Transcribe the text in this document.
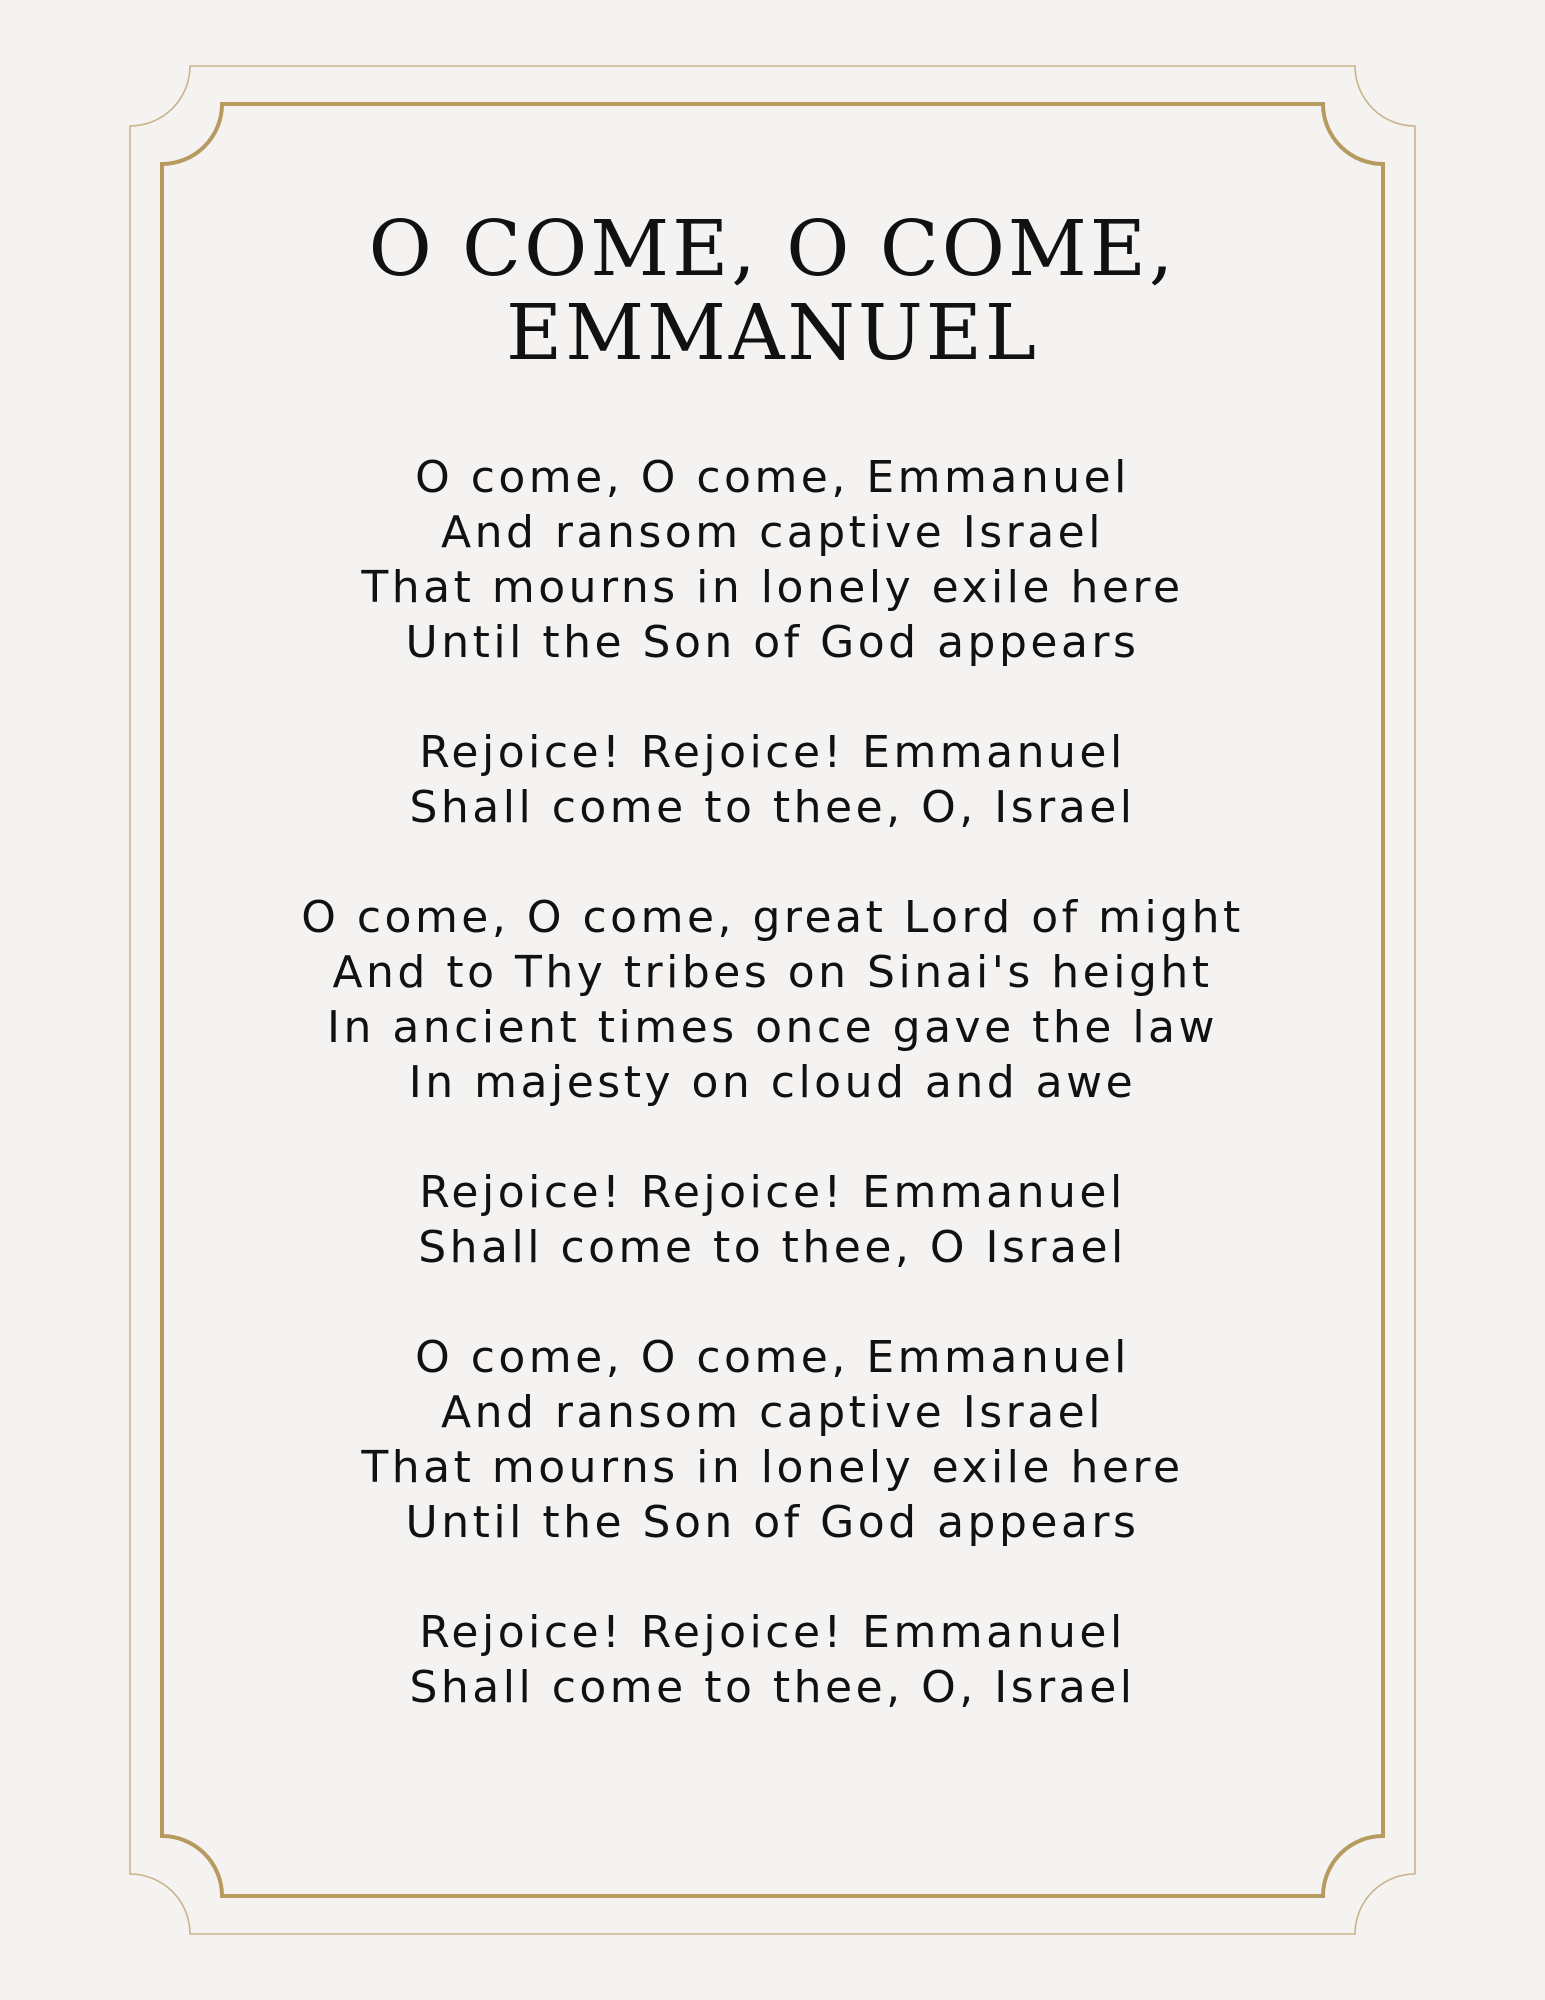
O COME, O COME,
EMMANUEL
O come, O come, Emmanuel
And ransom captive Israel
That mourns in lonely exile here
Until the Son of God appears
Rejoice! Rejoice! Emmanuel
Shall come to thee, O, Israel
O come, O come, great Lord of might
And to Thy tribes on Sinai's height
In ancient times once gave the law
In majesty on cloud and awe
Rejoice! Rejoice! Emmanuel
Shall come to thee, O Israel
O come, O come, Emmanuel
And ransom captive Israel
That mourns in lonely exile here
Until the Son of God appears
Rejoice! Rejoice! Emmanuel
Shall come to thee, O, Israel
